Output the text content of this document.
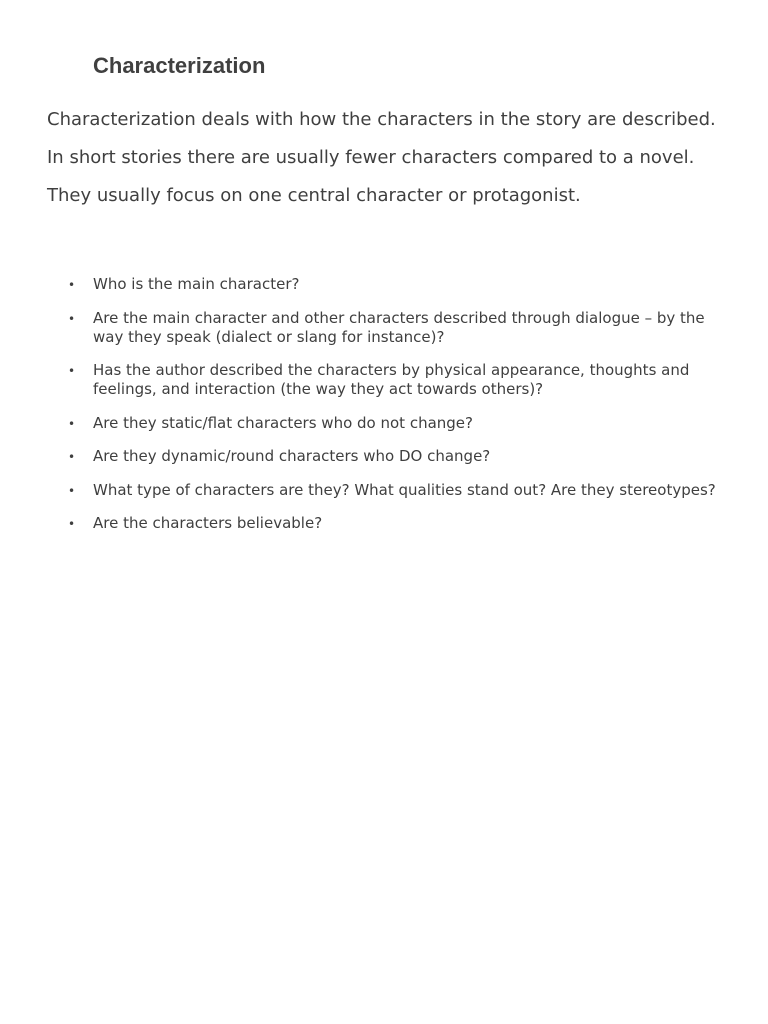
Characterization

Characterization deals with how the characters in the story are described. In short stories there are usually fewer characters compared to a novel. They usually focus on one central character or protagonist.

• Who is the main character?
• Are the main character and other characters described through dialogue – by the way they speak (dialect or slang for instance)?
• Has the author described the characters by physical appearance, thoughts and feelings, and interaction (the way they act towards others)?
• Are they static/flat characters who do not change?
• Are they dynamic/round characters who DO change?
• What type of characters are they? What qualities stand out? Are they stereotypes?
• Are the characters believable?
